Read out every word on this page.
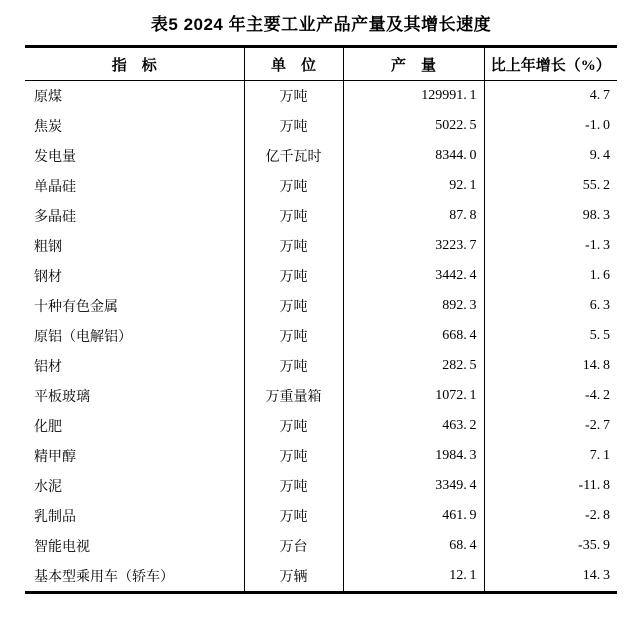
表5 2024 年主要工业产品产量及其增长速度
指　标	单　位	产　量	比上年增长（%）
原煤	万吨	129991. 1	4. 7
焦炭	万吨	5022. 5	-1. 0
发电量	亿千瓦时	8344. 0	9. 4
单晶硅	万吨	92. 1	55. 2
多晶硅	万吨	87. 8	98. 3
粗钢	万吨	3223. 7	-1. 3
钢材	万吨	3442. 4	1. 6
十种有色金属	万吨	892. 3	6. 3
原铝（电解铝）	万吨	668. 4	5. 5
铝材	万吨	282. 5	14. 8
平板玻璃	万重量箱	1072. 1	-4. 2
化肥	万吨	463. 2	-2. 7
精甲醇	万吨	1984. 3	7. 1
水泥	万吨	3349. 4	-11. 8
乳制品	万吨	461. 9	-2. 8
智能电视	万台	68. 4	-35. 9
基本型乘用车（轿车）	万辆	12. 1	14. 3
